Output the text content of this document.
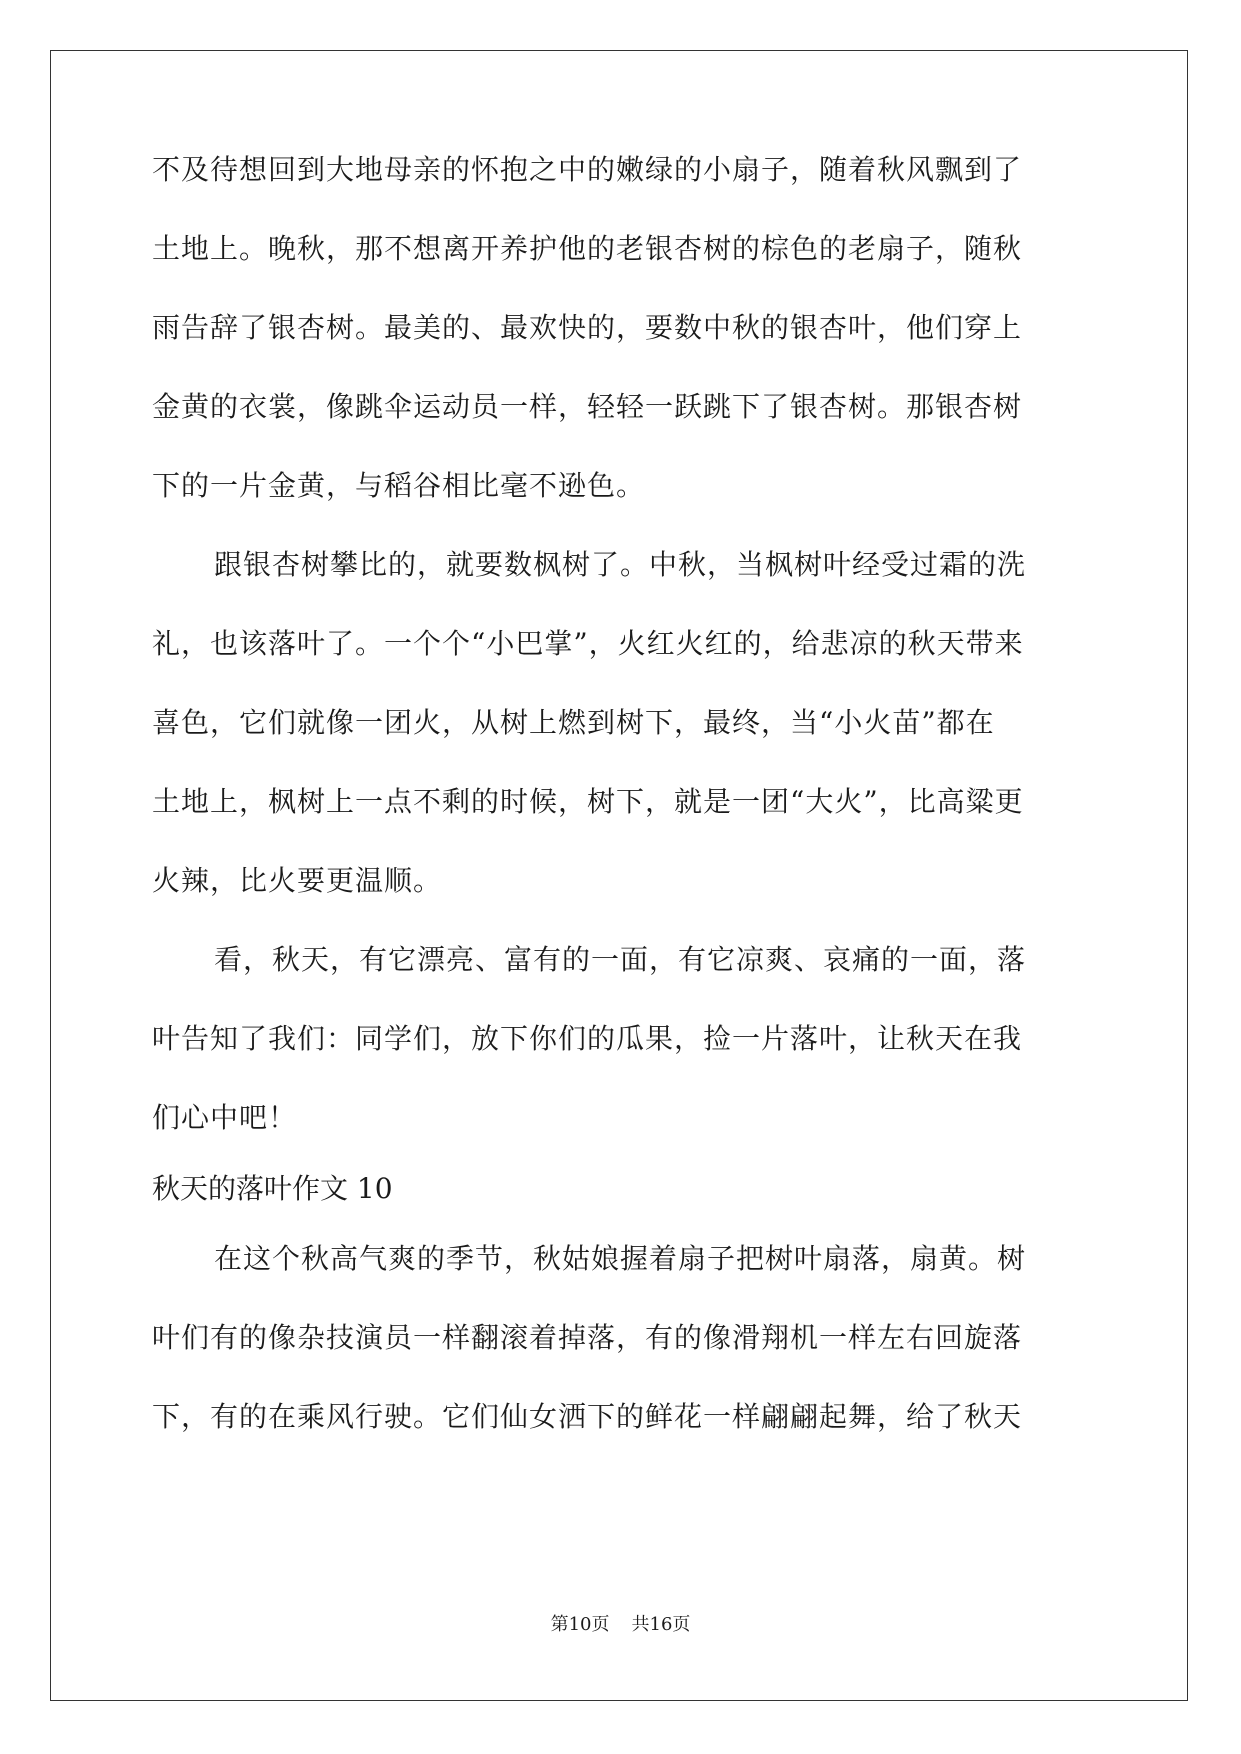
不及待想回到大地母亲的怀抱之中的嫩绿的小扇子，随着秋风飘到了
土地上。晚秋，那不想离开养护他的老银杏树的棕色的老扇子，随秋
雨告辞了银杏树。最美的、最欢快的，要数中秋的银杏叶，他们穿上
金黄的衣裳，像跳伞运动员一样，轻轻一跃跳下了银杏树。那银杏树
下的一片金黄，与稻谷相比毫不逊色。
跟银杏树攀比的，就要数枫树了。中秋，当枫树叶经受过霜的洗
礼，也该落叶了。一个个“小巴掌”，火红火红的，给悲凉的秋天带来
喜色，它们就像一团火，从树上燃到树下，最终，当“小火苗”都在
土地上，枫树上一点不剩的时候，树下，就是一团“大火”，比高粱更
火辣，比火要更温顺。
看，秋天，有它漂亮、富有的一面，有它凉爽、哀痛的一面，落
叶告知了我们：同学们，放下你们的瓜果，捡一片落叶，让秋天在我
们心中吧！
秋天的落叶作文 10
在这个秋高气爽的季节，秋姑娘握着扇子把树叶扇落，扇黄。树
叶们有的像杂技演员一样翻滚着掉落，有的像滑翔机一样左右回旋落
下，有的在乘风行驶。它们仙女洒下的鲜花一样翩翩起舞，给了秋天
第10页 共16页
